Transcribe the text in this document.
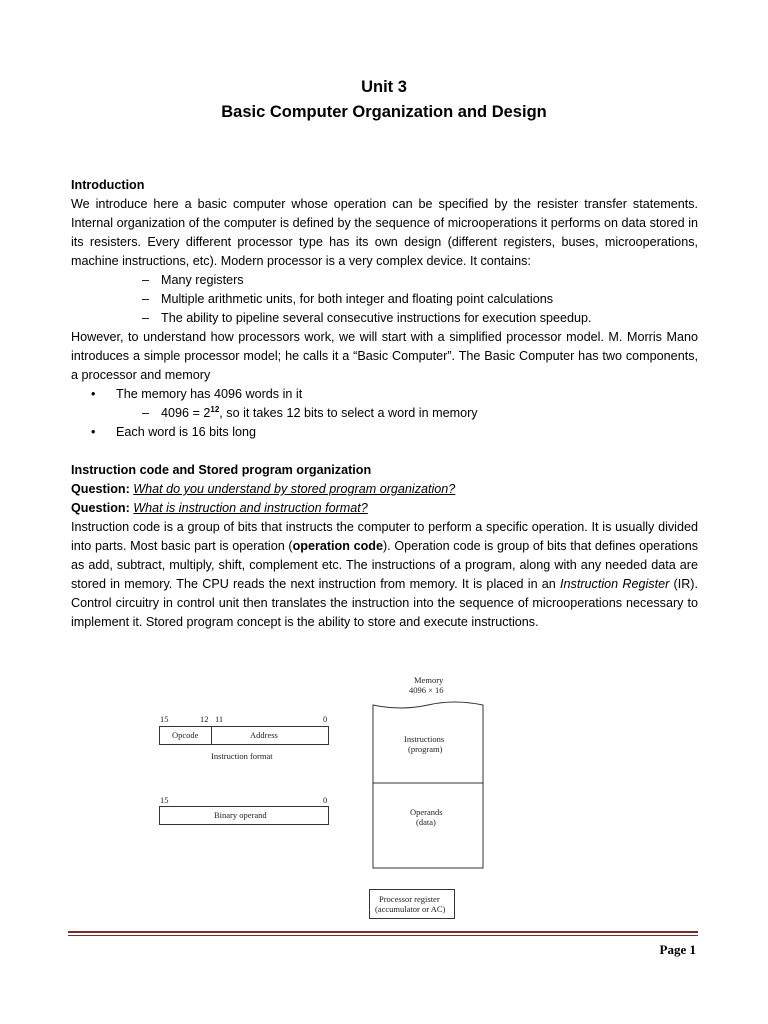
Unit 3
Basic Computer Organization and Design

Introduction

We introduce here a basic computer whose operation can be specified by the resister transfer statements. Internal organization of the computer is defined by the sequence of microoperations it performs on data stored in its resisters. Every different processor type has its own design (different registers, buses, microoperations, machine instructions, etc). Modern processor is a very complex device. It contains:

– Many registers
– Multiple arithmetic units, for both integer and floating point calculations
– The ability to pipeline several consecutive instructions for execution speedup.

However, to understand how processors work, we will start with a simplified processor model. M. Morris Mano introduces a simple processor model; he calls it a “Basic Computer”. The Basic Computer has two components, a processor and memory

• The memory has 4096 words in it
– $4096 = 2^{12}$, so it takes 12 bits to select a word in memory
• Each word is 16 bits long

Instruction code and Stored program organization

Question: What do you understand by stored program organization?

Question: What is instruction and instruction format?

Instruction code is a group of bits that instructs the computer to perform a specific operation. It is usually divided into parts. Most basic part is operation (operation code). Operation code is group of bits that defines operations as add, subtract, multiply, shift, complement etc. The instructions of a program, along with any needed data are stored in memory. The CPU reads the next instruction from memory. It is placed in an Instruction Register (IR). Control circuitry in control unit then translates the instruction into the sequence of microoperations necessary to implement it. Stored program concept is the ability to store and execute instructions.

15	12 11	0
Opcode	Address
Instruction format
15	0
Binary operand
Memory
4096 × 16
Instructions
(program)
Operands
(data)
Processor register
(accumulator or AC)
Page 1
